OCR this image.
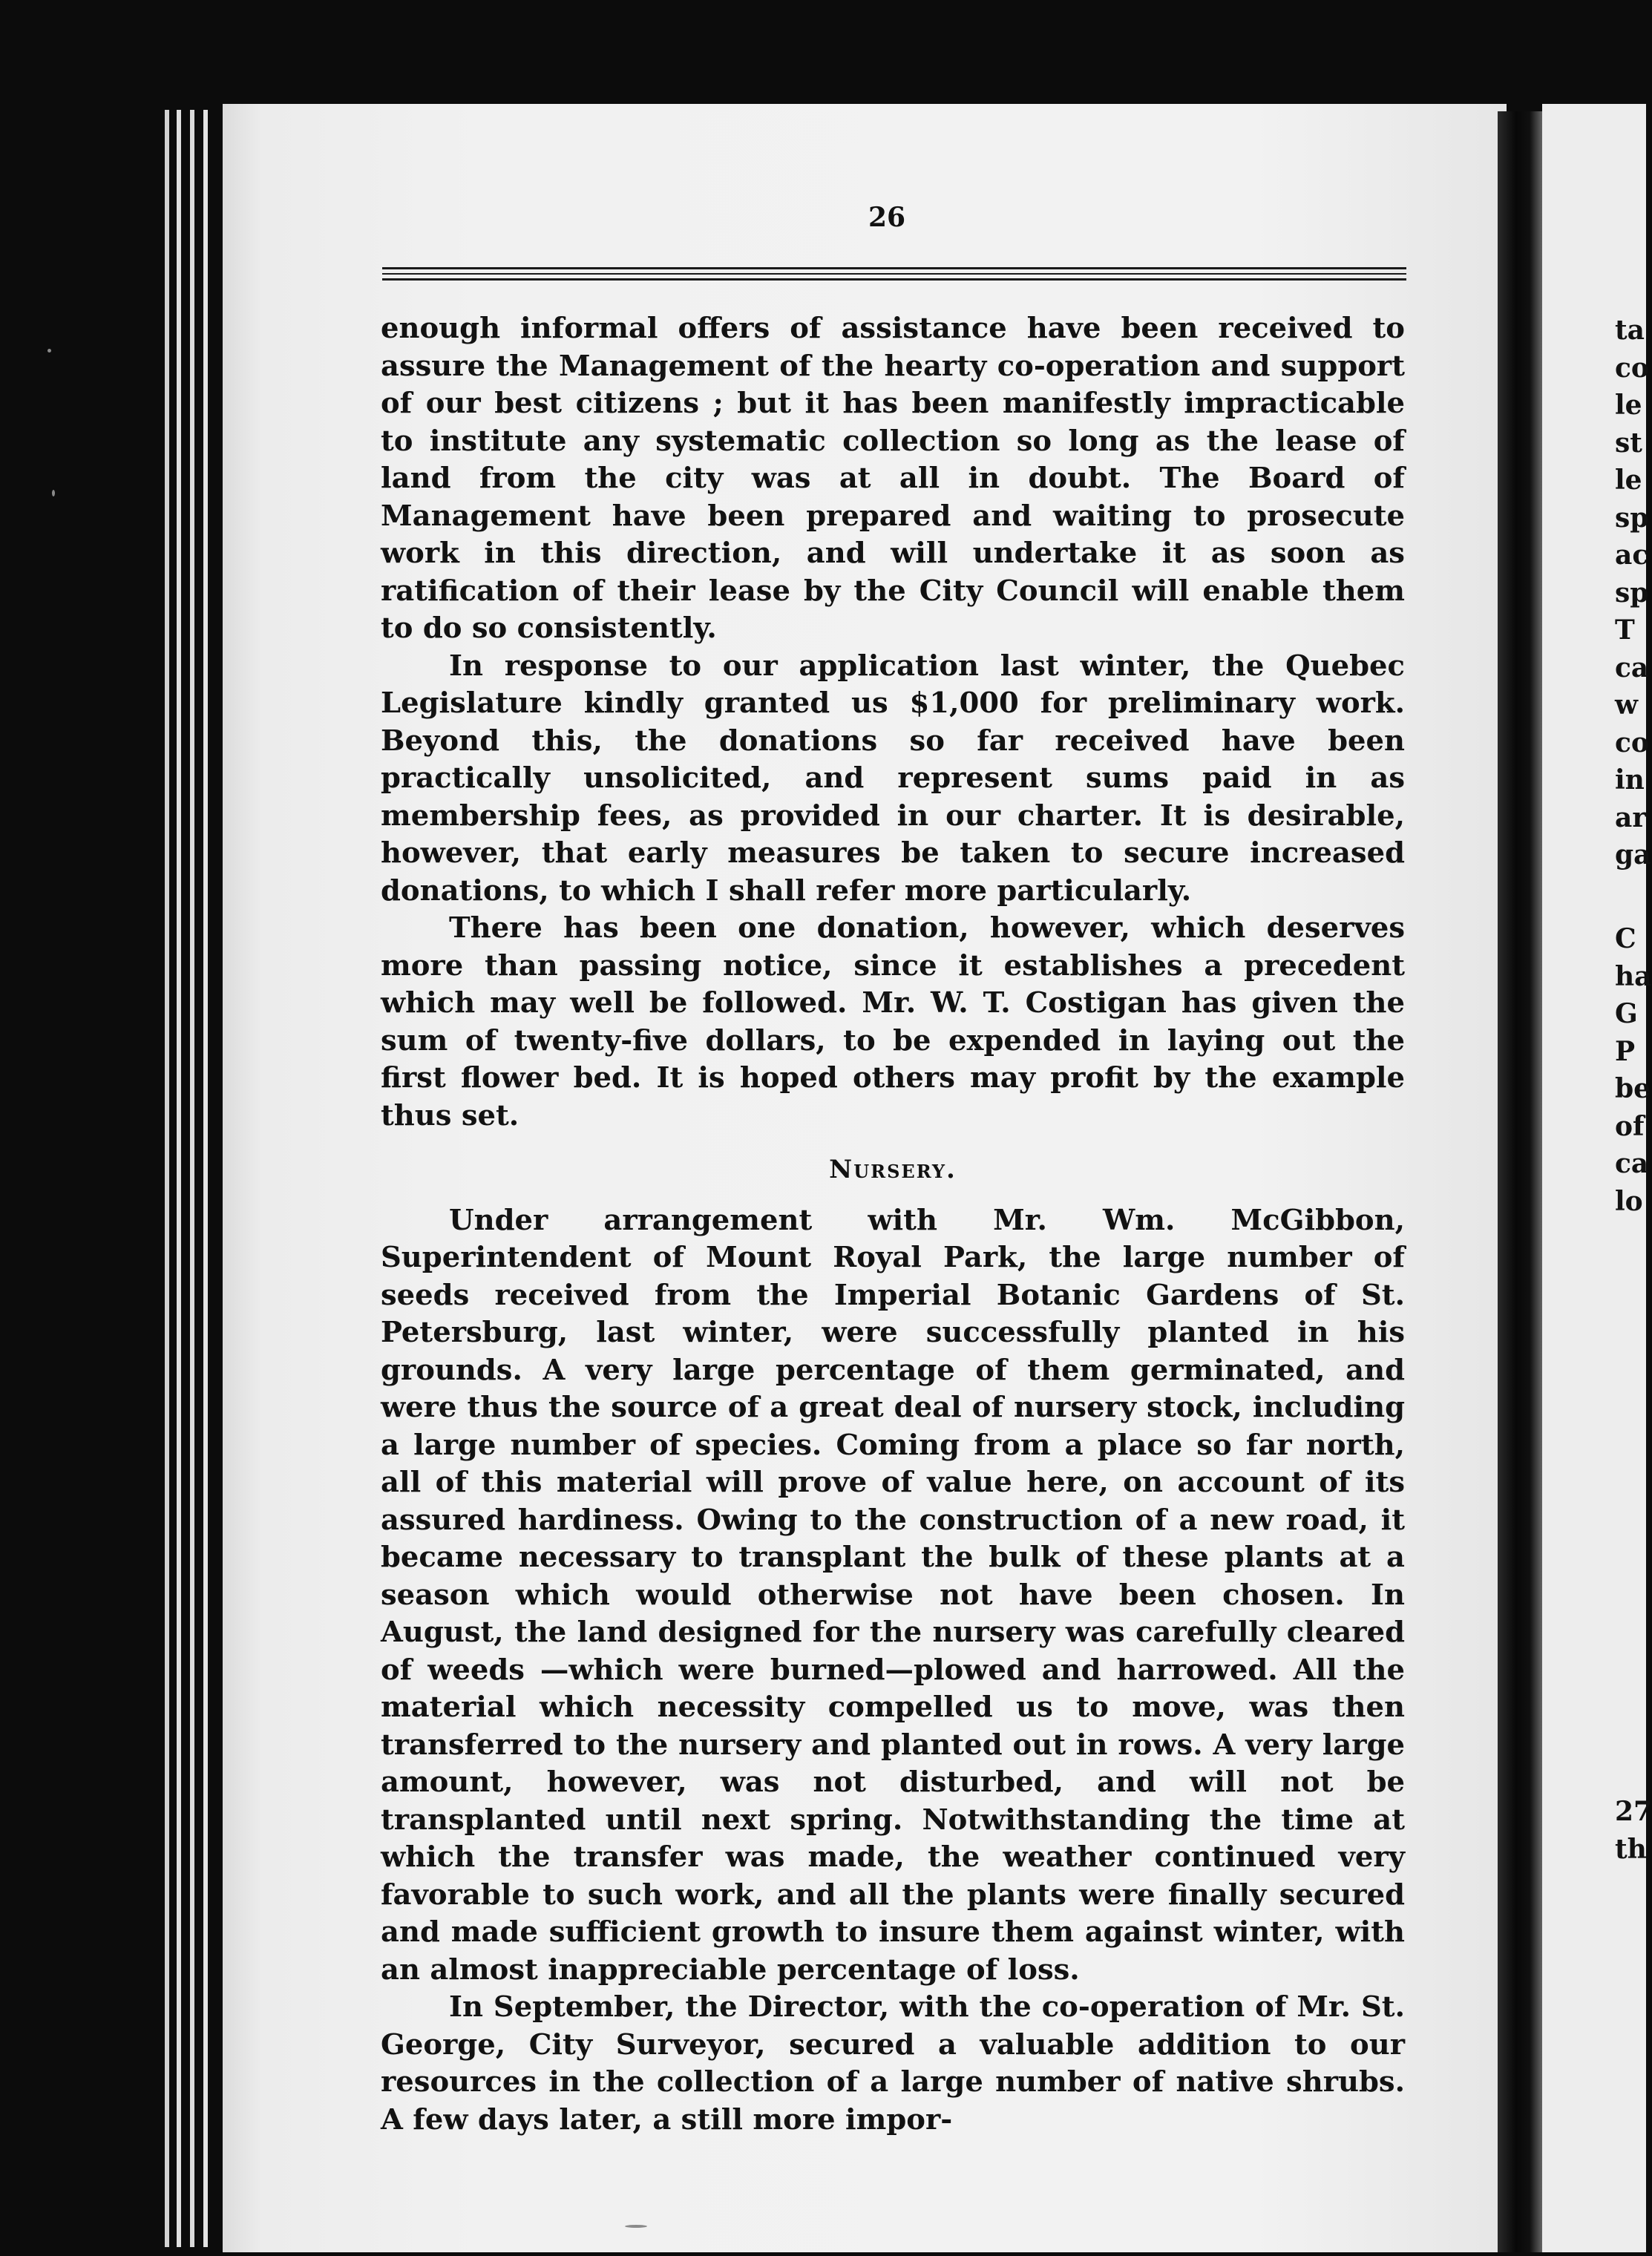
26

enough informal offers of assistance have been received to assure the Management of the hearty co-operation and support of our best citizens ; but it has been manifestly impracticable to institute any systematic collection so long as the lease of land from the city was at all in doubt. The Board of Management have been prepared and waiting to prosecute work in this direction, and will undertake it as soon as ratification of their lease by the City Council will enable them to do so consistently.

In response to our application last winter, the Quebec Legislature kindly granted us $1,000 for preliminary work. Beyond this, the donations so far received have been practically unsolicited, and represent sums paid in as membership fees, as provided in our charter. It is desirable, however, that early measures be taken to secure increased donations, to which I shall refer more particularly.

There has been one donation, however, which deserves more than passing notice, since it establishes a precedent which may well be followed. Mr. W. T. Costigan has given the sum of twenty-five dollars, to be expended in laying out the first flower bed. It is hoped others may profit by the example thus set.

Nursery.

Under arrangement with Mr. Wm. McGibbon, Superintendent of Mount Royal Park, the large number of seeds received from the Imperial Botanic Gardens of St. Petersburg, last winter, were successfully planted in his grounds. A very large percentage of them germinated, and were thus the source of a great deal of nursery stock, including a large number of species. Coming from a place so far north, all of this material will prove of value here, on account of its assured hardiness. Owing to the construction of a new road, it became necessary to transplant the bulk of these plants at a season which would otherwise not have been chosen. In August, the land designed for the nursery was carefully cleared of weeds —which were burned—plowed and harrowed. All the material which necessity compelled us to move, was then transferred to the nursery and planted out in rows. A very large amount, however, was not disturbed, and will not be transplanted until next spring. Notwithstanding the time at which the transfer was made, the weather continued very favorable to such work, and all the plants were finally secured and made sufficient growth to insure them against winter, with an almost inappreciable percentage of loss.

In September, the Director, with the co-operation of Mr. St. George, City Surveyor, secured a valuable addition to our resources in the collection of a large number of native shrubs. A few days later, a still more impor-

ta
co
le
st
le
sp
ac
sp
T
ca
w
co
in
ar
ga
C
ha
G
P
be
of
ca
lo
27
th
